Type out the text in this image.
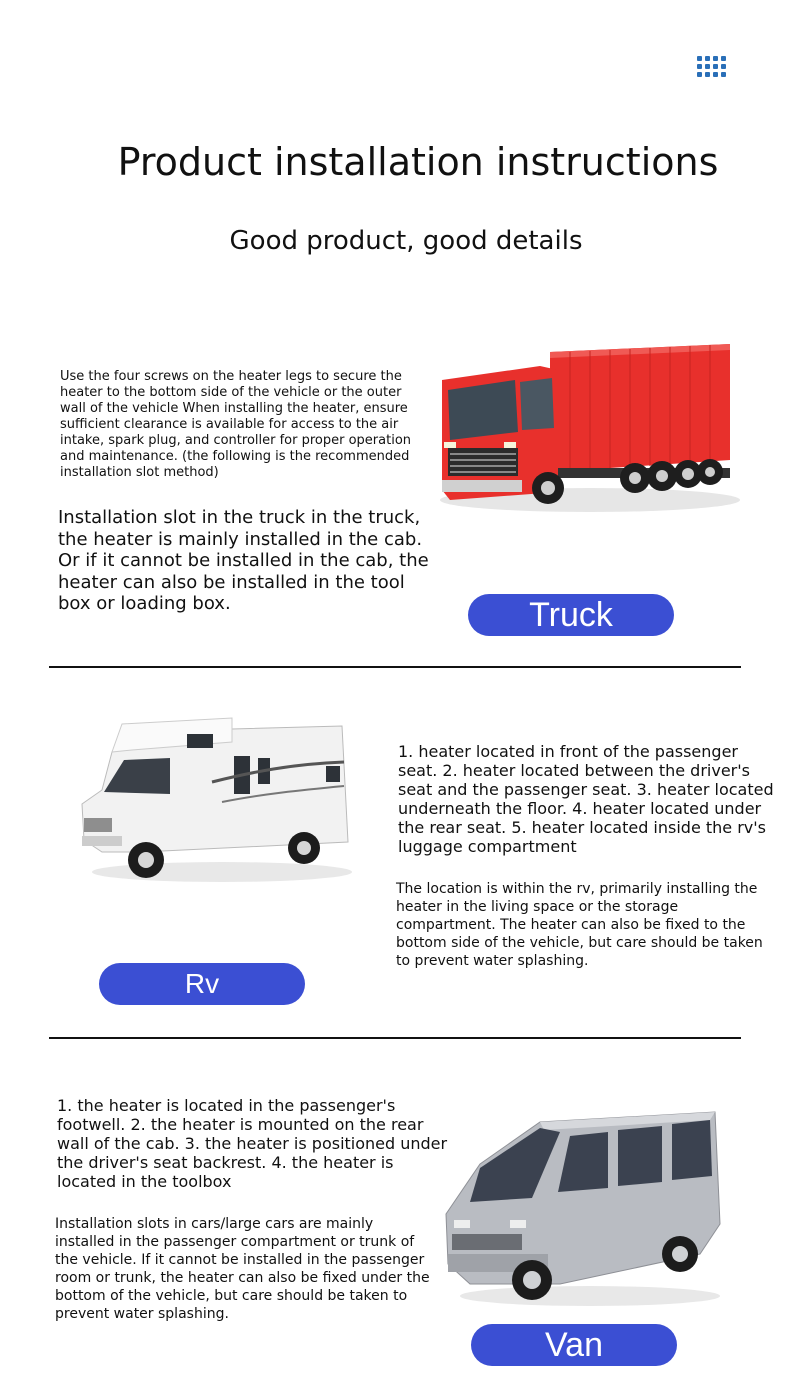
Product installation instructions
Good product, good details
Use the four screws on the heater legs to secure the heater to the bottom side of the vehicle or the outer wall of the vehicle When installing the heater, ensure sufficient clearance is available for access to the air intake, spark plug, and controller for proper operation and maintenance. (the following is the recommended installation slot method)
Installation slot in the truck in the truck, the heater is mainly installed in the cab. Or if it cannot be installed in the cab, the heater can also be installed in the tool box or loading box.	Truck
1. heater located in front of the passenger seat. 2. heater located between the driver's seat and the passenger seat. 3. heater located underneath the floor. 4. heater located under the rear seat. 5. heater located inside the rv's luggage compartment
The location is within the rv, primarily installing the heater in the living space or the storage compartment. The heater can also be fixed to the bottom side of the vehicle, but care should be taken to prevent water splashing.
Rv
1. the heater is located in the passenger's footwell. 2. the heater is mounted on the rear wall of the cab. 3. the heater is positioned under the driver's seat backrest. 4. the heater is located in the toolbox
Installation slots in cars/large cars are mainly installed in the passenger compartment or trunk of the vehicle. If it cannot be installed in the passenger room or trunk, the heater can also be fixed under the bottom of the vehicle, but care should be taken to prevent water splashing.
Van
